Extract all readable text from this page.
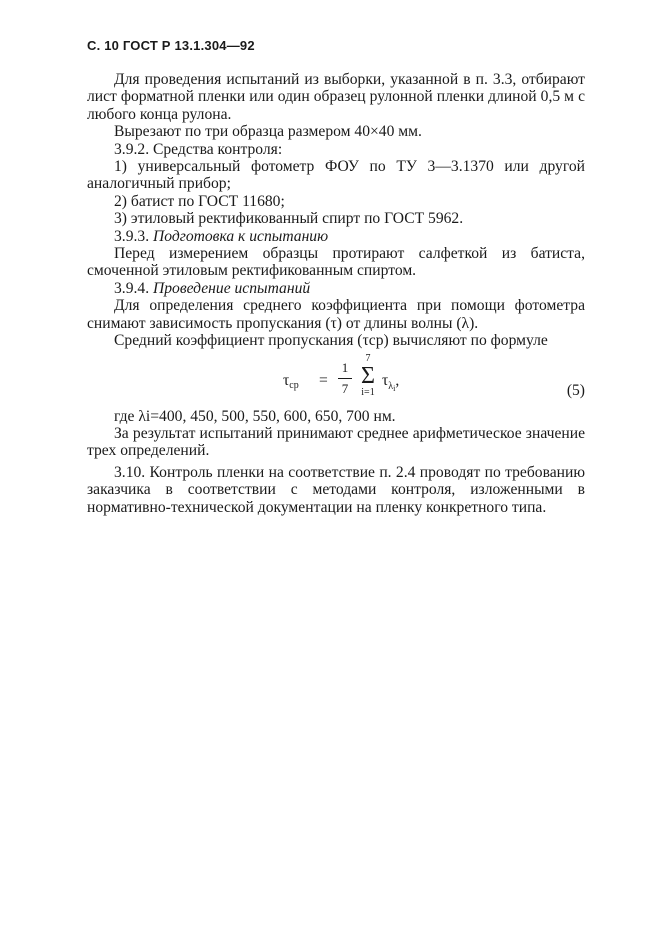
С. 10 ГОСТ Р 13.1.304—92

Для проведения испытаний из выборки, указанной в п. 3.3, отбирают лист форматной пленки или один образец рулонной пленки длиной 0,5 м с любого конца рулона.

Вырезают по три образца размером 40×40 мм.

3.9.2. Средства контроля:

1) универсальный фотометр ФОУ по ТУ 3—3.1370 или другой аналогичный прибор;

2) батист по ГОСТ 11680;

3) этиловый ректификованный спирт по ГОСТ 5962.

3.9.3. Подготовка к испытанию

Перед измерением образцы протирают салфеткой из батиста, смоченной этиловым ректификованным спиртом.

3.9.4. Проведение испытаний

Для определения среднего коэффициента при помощи фотометра снимают зависимость пропускания (τ) от длины волны (λ).

Средний коэффициент пропускания (τср) вычисляют по формуле

τср =
1
7
7
Σ
i=1
$\tau_{\lambda i}$,
(5)

где λi=400, 450, 500, 550, 600, 650, 700 нм.

За результат испытаний принимают среднее арифметическое значение трех определений.

3.10. Контроль пленки на соответствие п. 2.4 проводят по требованию заказчика в соответствии с методами контроля, изложенными в нормативно-технической документации на пленку конкретного типа.
